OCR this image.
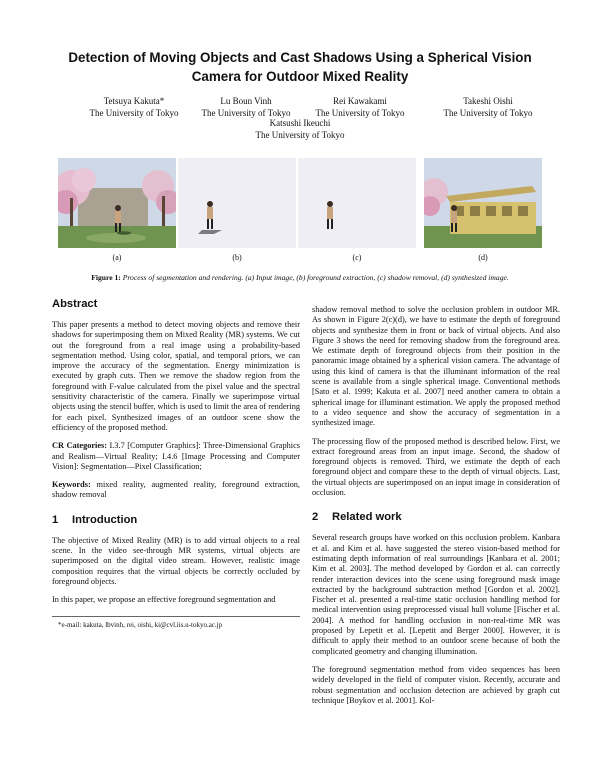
Detection of Moving Objects and Cast Shadows Using a Spherical Vision
Camera for Outdoor Mixed Reality
Tetsuya Kakuta*
The University of Tokyo
Lu Boun Vinh
The University of Tokyo
Rei Kawakami
The University of Tokyo
Takeshi Oishi
The University of Tokyo
Katsushi Ikeuchi
The University of Tokyo
(a)	(b)	(c)	(d)
Figure 1: Process of segmentation and rendering. (a) Input image, (b) foreground extraction, (c) shadow removal, (d) synthesized image.
Abstract

This paper presents a method to detect moving objects and remove their shadows for superimposing them on Mixed Reality (MR) systems. We cut out the foreground from a real image using a probability-based segmentation method. Using color, spatial, and temporal priors, we can improve the accuracy of the segmentation. Energy minimization is executed by graph cuts. Then we remove the shadow region from the foreground with F-value calculated from the pixel value and the spectral sensitivity characteristic of the camera. Finally we superimpose virtual objects using the stencil buffer, which is used to limit the area of rendering for each pixel. Synthesized images of an outdoor scene show the efficiency of the proposed method.

CR Categories: I.3.7 [Computer Graphics]: Three-Dimensional Graphics and Realism—Virtual Reality; I.4.6 [Image Processing and Computer Vision]: Segmentation—Pixel Classification;

Keywords: mixed reality, augmented reality, foreground extraction, shadow removal

1 Introduction

The objective of Mixed Reality (MR) is to add virtual objects to a real scene. In the video see-through MR systems, virtual objects are superimposed on the digital video stream. However, realistic image composition requires that the virtual objects be correctly occluded by foreground objects.

In this paper, we propose an effective foreground segmentation and

*e-mail: kakuta, lbvinh, rei, oishi, ki@cvl.iis.u-tokyo.ac.jp

shadow removal method to solve the occlusion problem in outdoor MR. As shown in Figure 2(c)(d), we have to estimate the depth of foreground objects and synthesize them in front or back of virtual objects. And also Figure 3 shows the need for removing shadow from the foreground area. We estimate depth of foreground objects from their position in the panoramic image obtained by a spherical vision camera. The advantage of using this kind of camera is that the illuminant information of the real scene is available from a single spherical image. Conventional methods [Sato et al. 1999; Kakuta et al. 2007] need another camera to obtain a spherical image for illuminant estimation. We apply the proposed method to a video sequence and show the accuracy of segmentation in a synthesized image.

The processing flow of the proposed method is described below. First, we extract foreground areas from an input image. Second, the shadow of foreground objects is removed. Third, we estimate the depth of each foreground object and compare these to the depth of virtual objects. Last, the virtual objects are superimposed on an input image in consideration of occlusion.

2 Related work

Several research groups have worked on this occlusion problem. Kanbara et al. and Kim et al. have suggested the stereo vision-based method for estimating depth information of real surroundings [Kanbara et al. 2001; Kim et al. 2003]. The method developed by Gordon et al. can correctly render interaction devices into the scene using foreground mask image extracted by the background subtraction method [Gordon et al. 2002]. Fischer et al. presented a real-time static occlusion handling method for medical intervention using preprocessed visual hull volume [Fischer et al. 2004]. A method for handling occlusion in non-real-time MR was proposed by Lepetit et al. [Lepetit and Berger 2000]. However, it is difficult to apply their method to an outdoor scene because of both the complicated geometry and changing illumination.

The foreground segmentation method from video sequences has been widely developed in the field of computer vision. Recently, accurate and robust segmentation and occlusion detection are achieved by graph cut technique [Boykov et al. 2001]. Kol-
